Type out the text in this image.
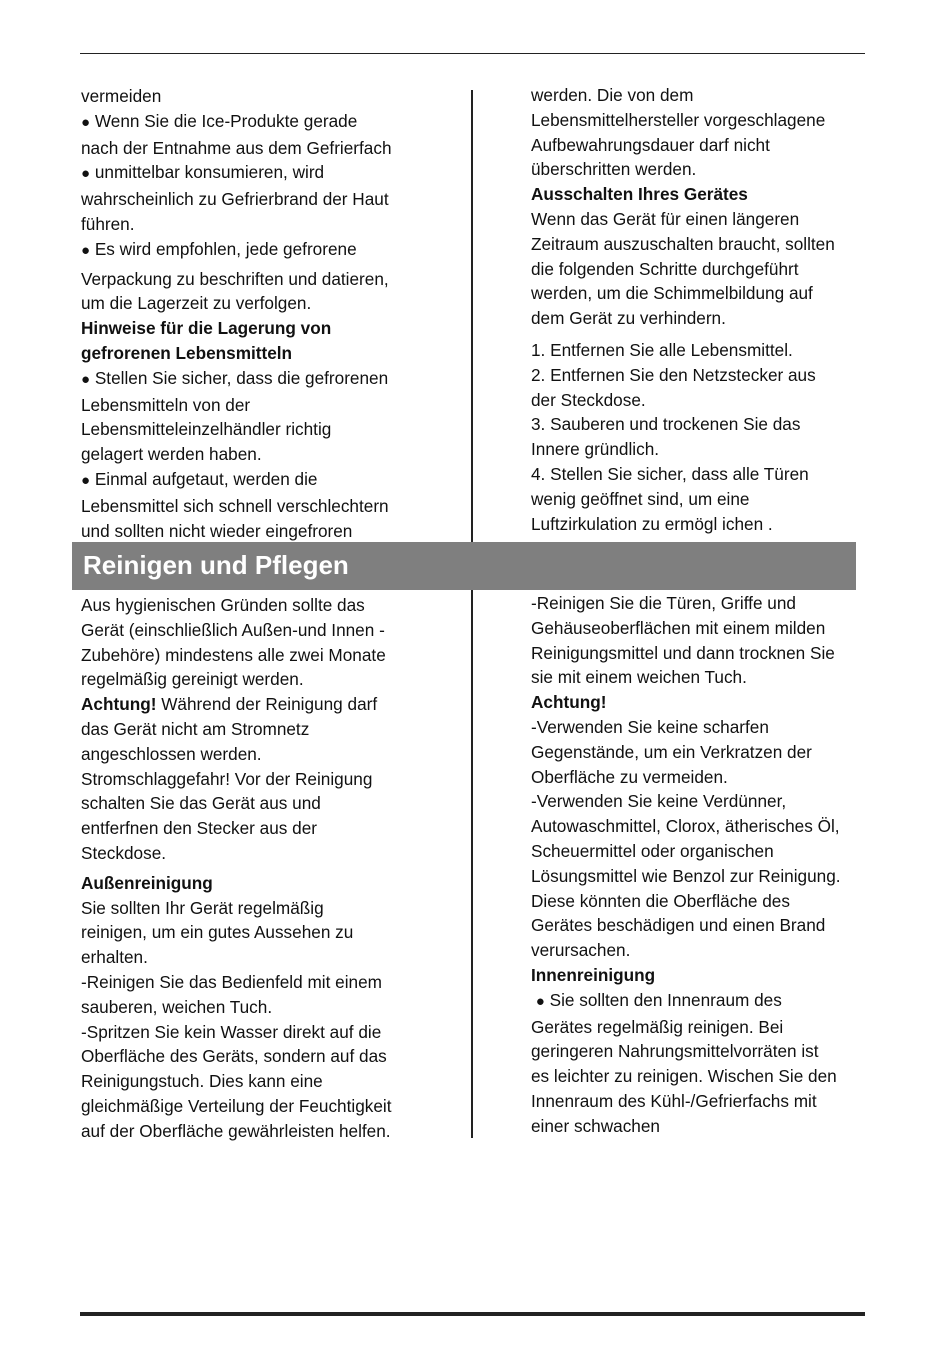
vermeiden
● Wenn Sie die Ice-Produkte gerade
nach der Entnahme aus dem Gefrierfach
● unmittelbar konsumieren, wird
wahrscheinlich zu Gefrierbrand der Haut
führen.
● Es wird empfohlen, jede gefrorene
Verpackung zu beschriften und datieren,
um die Lagerzeit zu verfolgen.
Hinweise für die Lagerung von
gefrorenen Lebensmitteln
● Stellen Sie sicher, dass die gefrorenen
Lebensmitteln von der
Lebensmitteleinzelhändler richtig
gelagert werden haben.
● Einmal aufgetaut, werden die
Lebensmittel sich schnell verschlechtern
und sollten nicht wieder eingefroren
werden. Die von dem
Lebensmittelhersteller vorgeschlagene
Aufbewahrungsdauer darf nicht
überschritten werden.
Ausschalten Ihres Gerätes
Wenn das Gerät für einen längeren
Zeitraum auszuschalten braucht, sollten
die folgenden Schritte durchgeführt
werden, um die Schimmelbildung auf
dem Gerät zu verhindern.
1. Entfernen Sie alle Lebensmittel.
2. Entfernen Sie den Netzstecker aus
der Steckdose.
3. Sauberen und trockenen Sie das
Innere gründlich.
4. Stellen Sie sicher, dass alle Türen
wenig geöffnet sind, um eine
Luftzirkulation zu ermögl ichen .
Reinigen und Pflegen
Aus hygienischen Gründen sollte das
Gerät (einschließlich Außen-und Innen -
Zubehöre) mindestens alle zwei Monate
regelmäßig gereinigt werden.
Achtung! Während der Reinigung darf
das Gerät nicht am Stromnetz
angeschlossen werden.
Stromschlaggefahr! Vor der Reinigung
schalten Sie das Gerät aus und
entferfnen den Stecker aus der
Steckdose.
Außenreinigung
Sie sollten Ihr Gerät regelmäßig
reinigen, um ein gutes Aussehen zu
erhalten.
-Reinigen Sie das Bedienfeld mit einem
sauberen, weichen Tuch.
-Spritzen Sie kein Wasser direkt auf die
Oberfläche des Geräts, sondern auf das
Reinigungstuch. Dies kann eine
gleichmäßige Verteilung der Feuchtigkeit
auf der Oberfläche gewährleisten helfen.
-Reinigen Sie die Türen, Griffe und
Gehäuseoberflächen mit einem milden
Reinigungsmittel und dann trocknen Sie
sie mit einem weichen Tuch.
Achtung!
-Verwenden Sie keine scharfen
Gegenstände, um ein Verkratzen der
Oberfläche zu vermeiden.
-Verwenden Sie keine Verdünner,
Autowaschmittel, Clorox, ätherisches Öl,
Scheuermittel oder organischen
Lösungsmittel wie Benzol zur Reinigung.
Diese könnten die Oberfläche des
Gerätes beschädigen und einen Brand
verursachen.
Innenreinigung
● Sie sollten den Innenraum des
Gerätes regelmäßig reinigen. Bei
geringeren Nahrungsmittelvorräten ist
es leichter zu reinigen. Wischen Sie den
Innenraum des Kühl-/Gefrierfachs mit
einer schwachen
